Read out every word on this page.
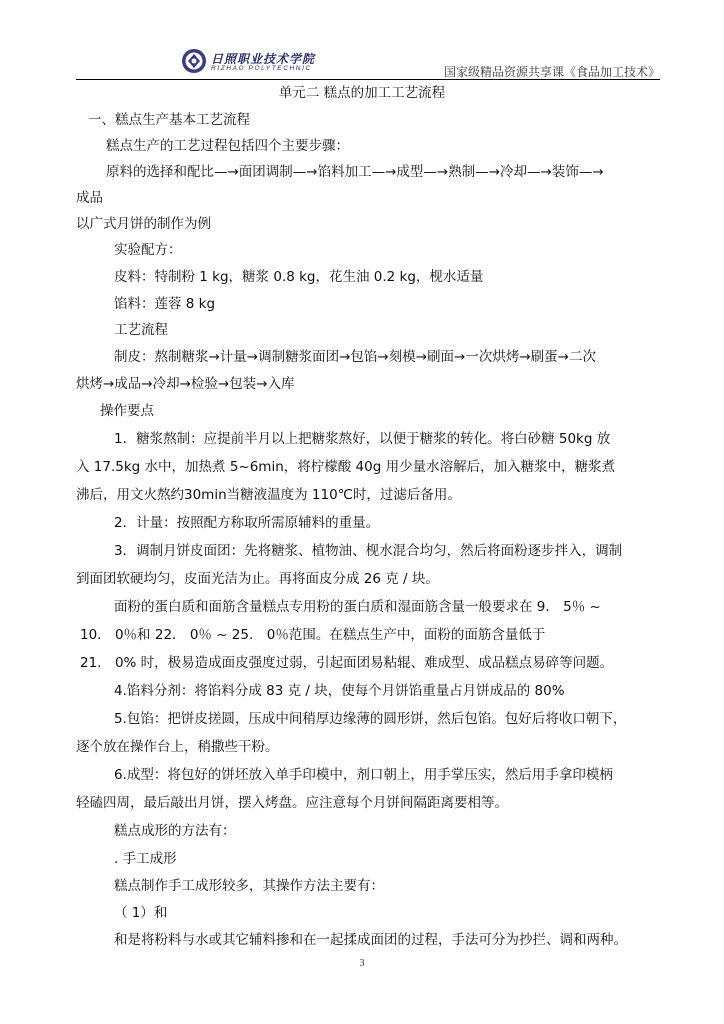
日照职业技术学院
RIZHAO POLYTECHNIC	国家级精品资源共享课《食品加工技术》
单元二 糕点的加工工艺流程
一、糕点生产基本工艺流程
糕点生产的工艺过程包括四个主要步骤：
原料的选择和配比—→面团调制—→馅料加工—→成型—→熟制—→冷却—→装饰—→
成品
以广式月饼的制作为例
实验配方：
皮料：特制粉 1 kg，糖浆 0.8 kg，花生油 0.2 kg，枧水适量
馅料：莲蓉 8 kg
工艺流程
制皮：熬制糖浆→计量→调制糖浆面团→包馅→刻模→刷面→一次烘烤→刷蛋→二次
烘烤→成品→冷却→检验→包装→入库
操作要点
1．糖浆熬制：应提前半月以上把糖浆熬好，以便于糖浆的转化。将白砂糖 50kg 放
入 17.5kg 水中，加热煮 5~6min，将柠檬酸 40g 用少量水溶解后，加入糖浆中，糖浆煮
沸后，用文火熬约30min当糖液温度为 110℃时，过滤后备用。
2．计量：按照配方称取所需原辅料的重量。
3．调制月饼皮面团：先将糖浆、植物油、枧水混合均匀，然后将面粉逐步拌入，调制
到面团软硬均匀，皮面光洁为止。再将面皮分成 26 克 / 块。
面粉的蛋白质和面筋含量糕点专用粉的蛋白质和湿面筋含量一般要求在 9． 5％ ~
10． 0％和 22． 0％ ~ 25． 0％范围。在糕点生产中，面粉的面筋含量低于
21． 0% 时，极易造成面皮强度过弱，引起面团易粘辊、难成型、成品糕点易碎等问题。
4.馅料分剂：将馅料分成 83 克 / 块，使每个月饼馅重量占月饼成品的 80%
5.包馅：把饼皮搓圆，压成中间稍厚边缘薄的圆形饼，然后包馅。包好后将收口朝下，
逐个放在操作台上，稍撒些干粉。
6.成型：将包好的饼坯放入单手印模中，剂口朝上，用手掌压实，然后用手拿印模柄
轻磕四周，最后敲出月饼，摆入烤盘。应注意每个月饼间隔距离要相等。
糕点成形的方法有：
. 手工成形
糕点制作手工成形较多，其操作方法主要有：
（ 1）和
和是将粉料与水或其它辅料掺和在一起揉成面团的过程，手法可分为抄拦、调和两种。
3
